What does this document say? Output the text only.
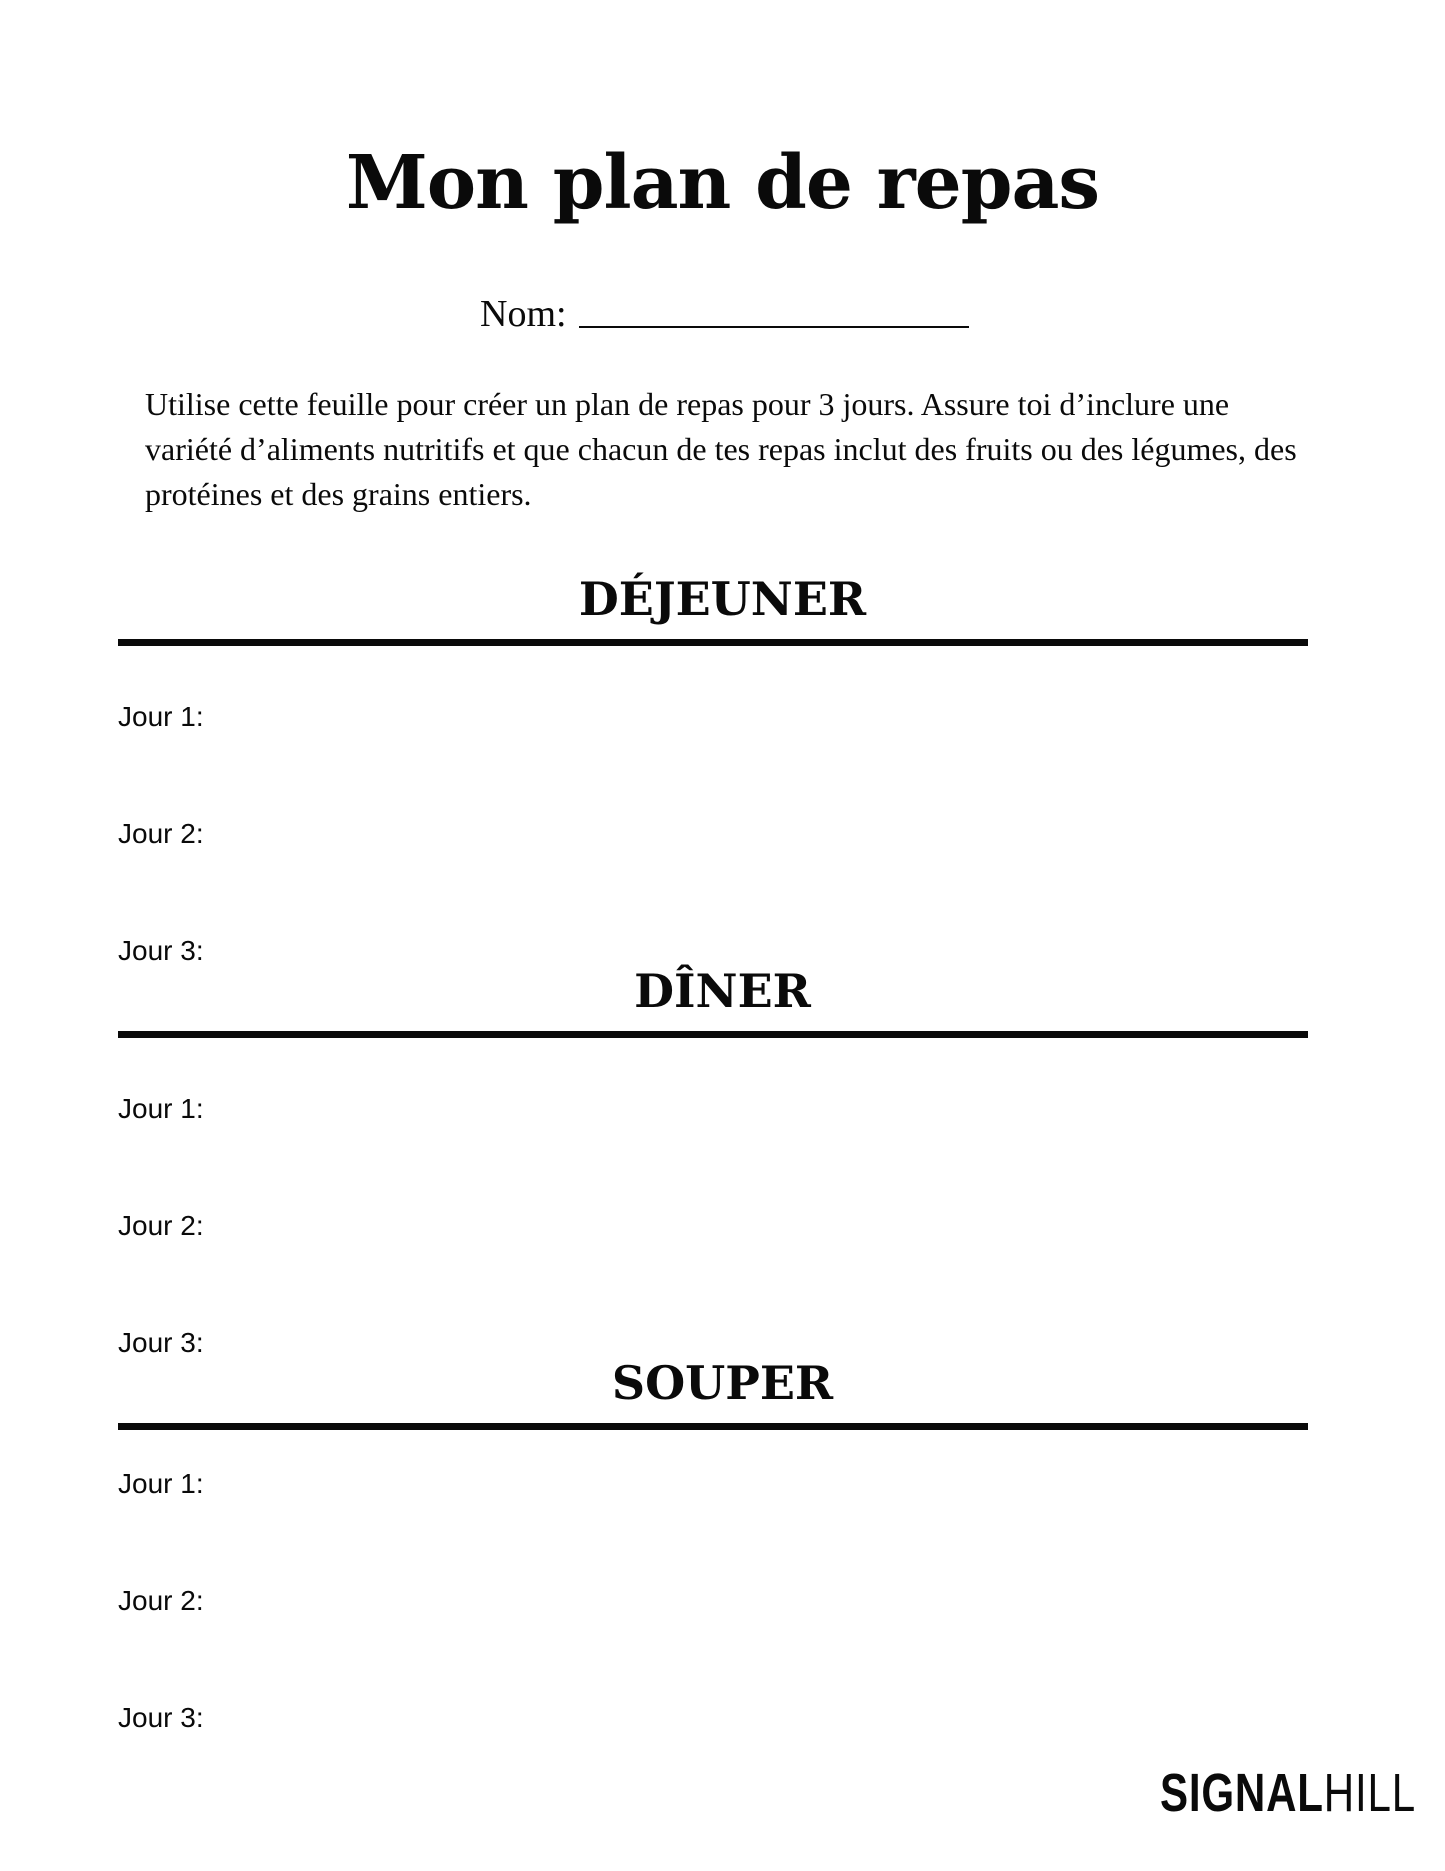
Mon plan de repas
Nom:

Utilise cette feuille pour créer un plan de repas pour 3 jours. Assure toi d’inclure une variété d’aliments nutritifs et que chacun de tes repas inclut des fruits ou des légumes, des protéines et des grains entiers.

DÉJEUNER
Jour 1:
Jour 2:
Jour 3:
DÎNER
Jour 1:
Jour 2:
Jour 3:
SOUPER
Jour 1:
Jour 2:
Jour 3:
SIGNALHILL
